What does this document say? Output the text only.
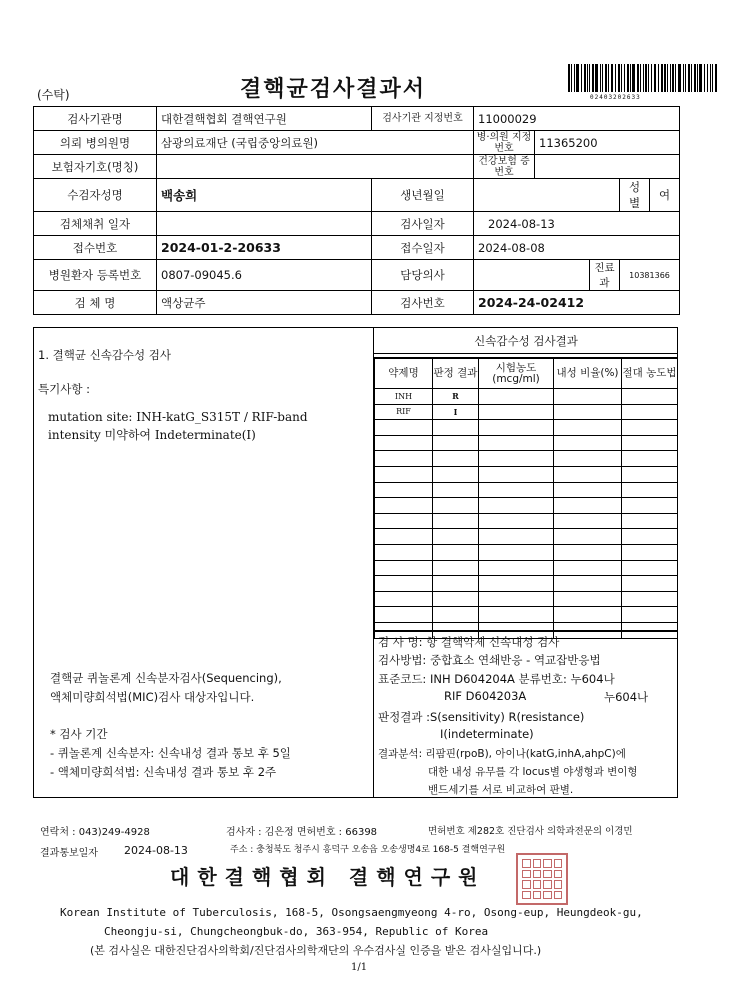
(수탁)	결핵균검사결과서	02403202633
검사기관명	대한결핵협회 결핵연구원	검사기관 지정번호	11000029				
의뢰 병의원명	삼광의료재단 (국립중앙의료원)		병·의원 지정번호	11365200			
보험자기호(명칭)			건강보험 증번호				
수검자성명	백송희	생년월일				성별	여
검체채취 일자		검사일자	2024-08-13				
접수번호	2024-01-2-20633	접수일자	2024-08-08				
병원환자 등록번호	0807-09045.6	담당의사			진료과	10381366	
검 체 명	액상균주	검사번호	2024-24-02412				
1. 결핵균 신속감수성 검사
특기사항 :
mutation site: INH-katG_S315T / RIF-band
intensity 미약하여 Indeterminate(I)
결핵균 퀴놀론계 신속분자검사(Sequencing),
액체미량희석법(MIC)검사 대상자입니다.
* 검사 기간
- 퀴놀론계 신속분자: 신속내성 결과 통보 후 5일
- 액체미량희석법: 신속내성 결과 통보 후 2주
신속감수성 검사결과
약제명	판정 결과	시험농도 (mcg/ml)	내성 비율(%)	절대 농도법
INH	R			
RIF	I			

검 사 명: 항 결핵약제 신속내성 검사
검사방법: 중합효소 연쇄반응 - 역교잡반응법
표준코드: INH D604204A 분류번호: 누604나
RIF D604203A	누604나
판정결과 :S(sensitivity) R(resistance)
I(indeterminate)
결과분석: 리팜핀(rpoB), 아이나(katG,inhA,ahpC)에
대한 내성 유무를 각 locus별 야생형과 변이형
밴드세기를 서로 비교하여 판별.
연락처 : 043)249-4928	검사자 : 김은정 면허번호 : 66398	면허번호 제282호 진단검사 의학과전문의 이경민
결과통보일자 2024-08-13	주소 : 충청북도 청주시 흥덕구 오송읍 오송생명4로 168-5 결핵연구원
대한결핵협회 결핵연구원
Korean Institute of Tuberculosis, 168-5, Osongsaengmyeong 4-ro, Osong-eup, Heungdeok-gu,
Cheongju-si, Chungcheongbuk-do, 363-954, Republic of Korea
(본 검사실은 대한진단검사의학회/진단검사의학재단의 우수검사실 인증을 받은 검사실입니다.)
1/1
